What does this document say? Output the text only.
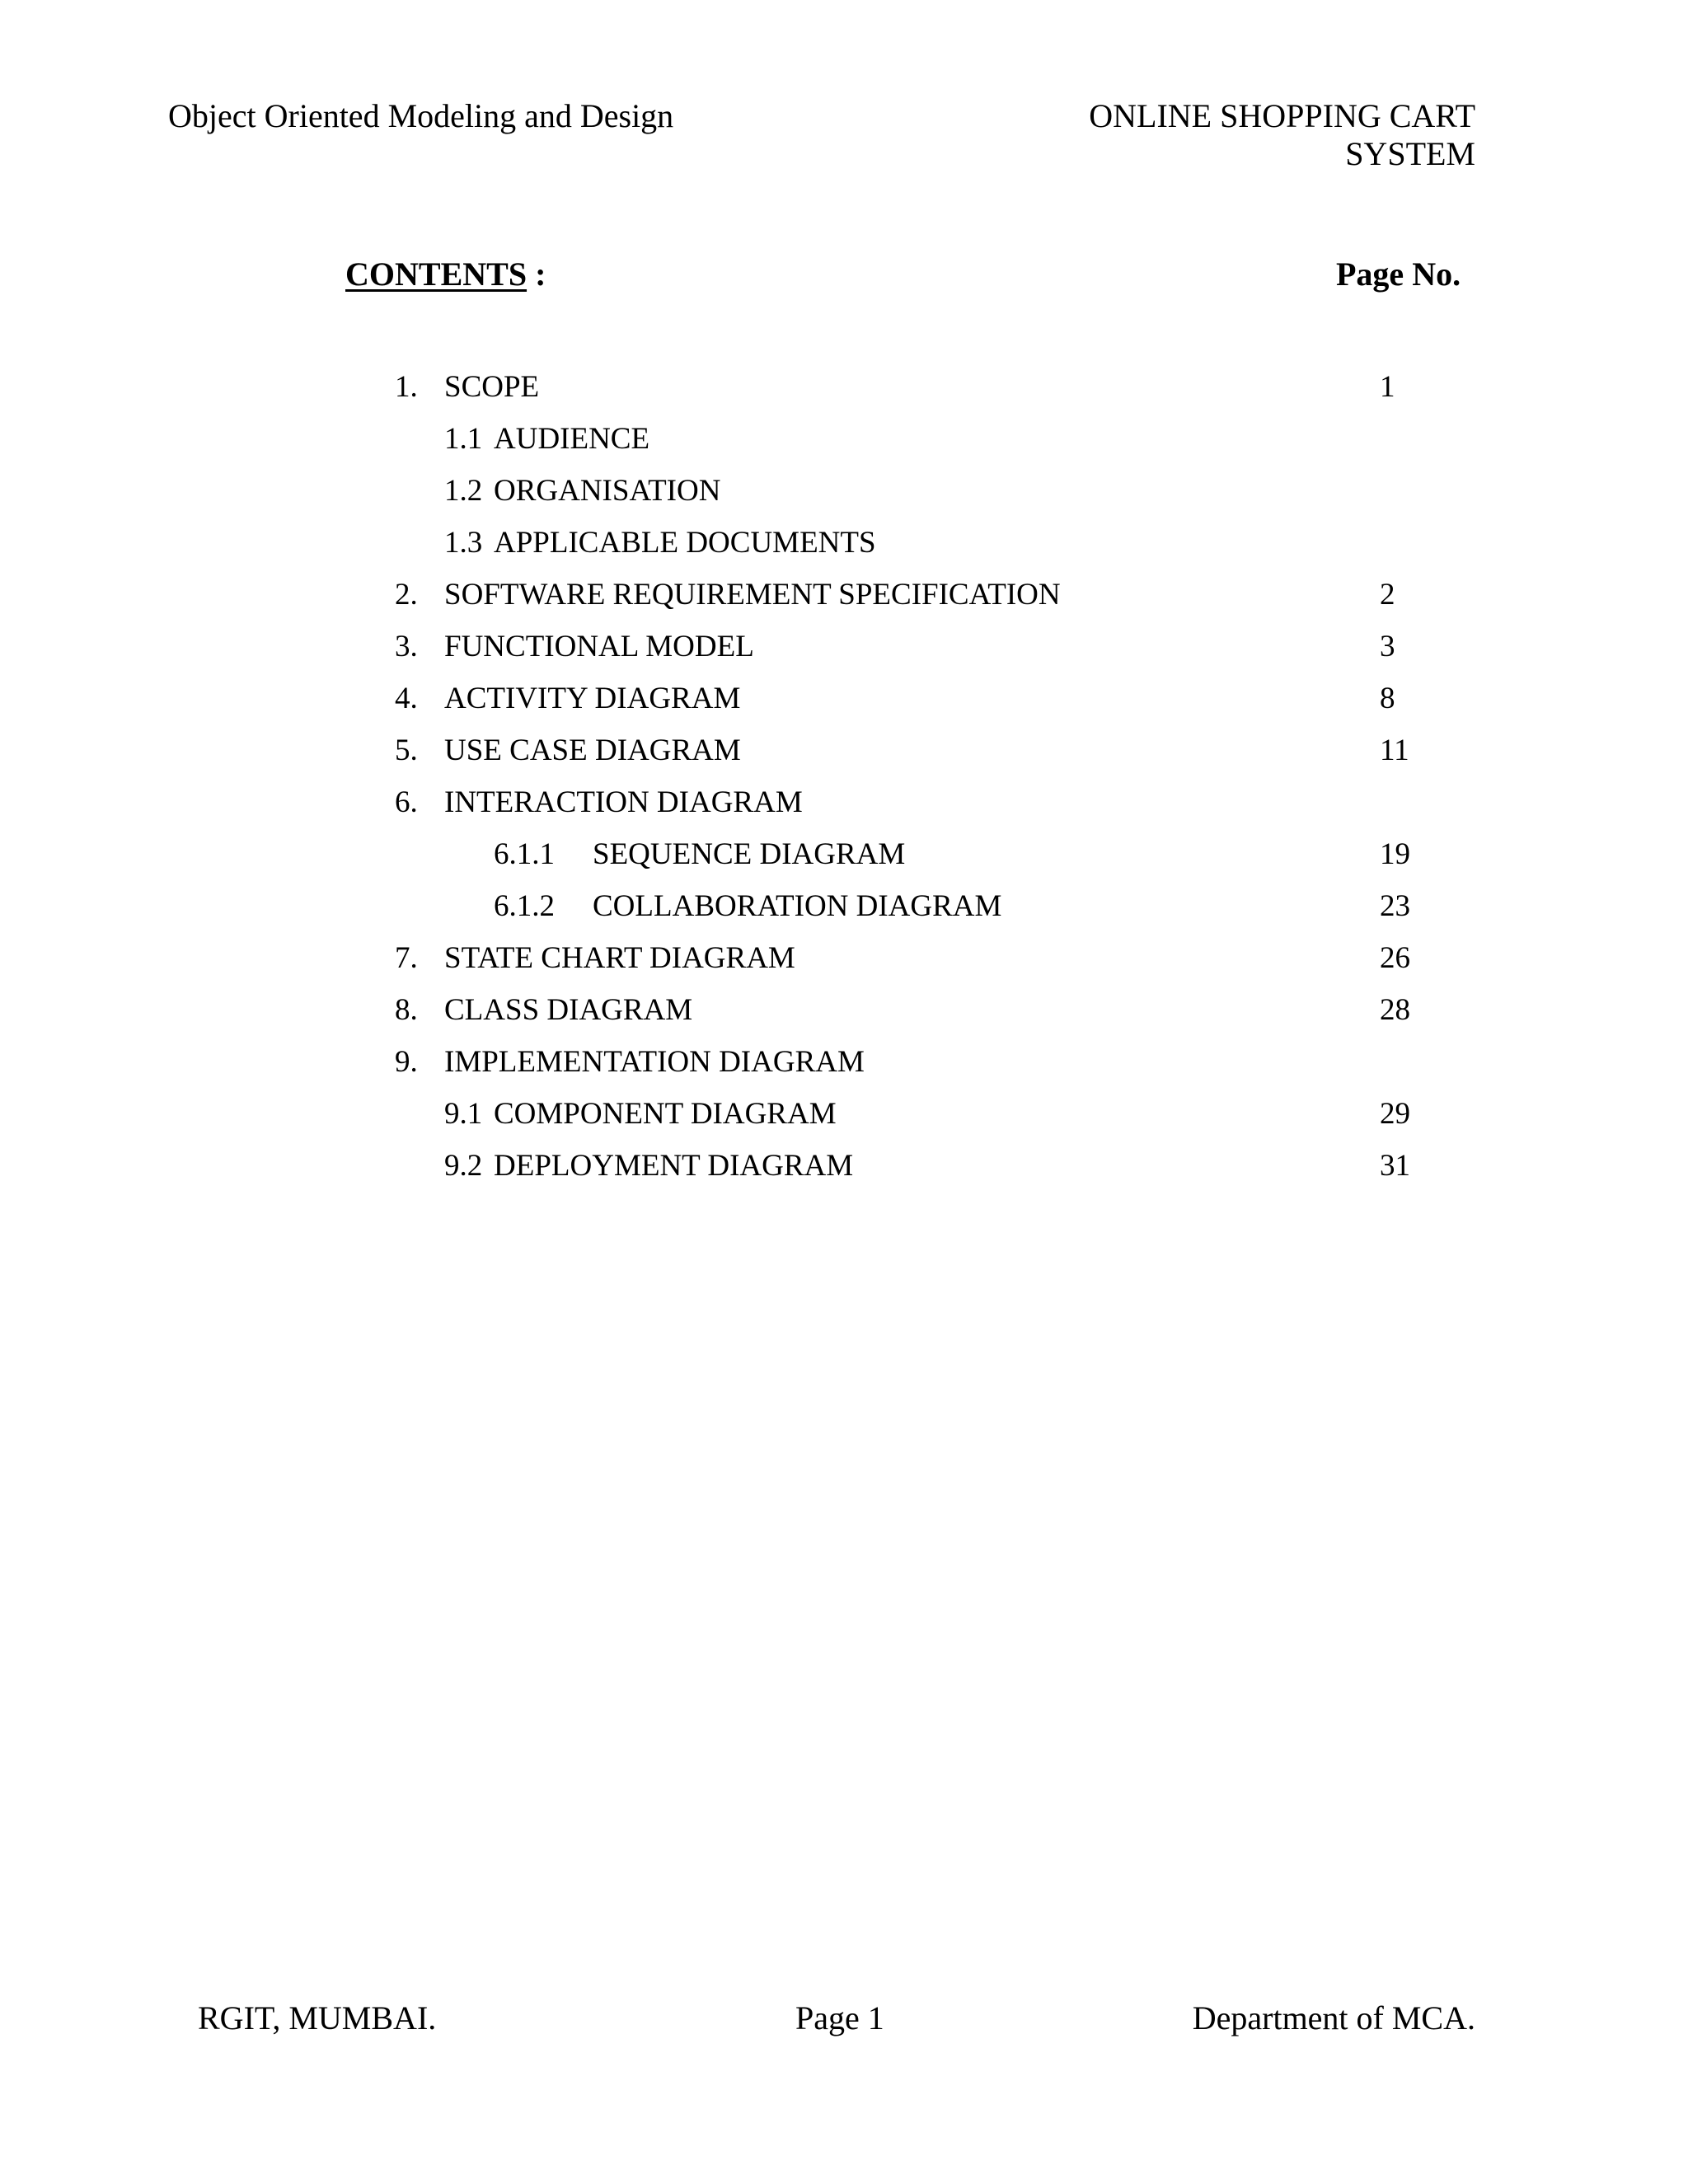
Object Oriented Modeling and Design	ONLINE SHOPPING CART
SYSTEM
CONTENTS :	Page No.
1. SCOPE	1
1.1 AUDIENCE
1.2 ORGANISATION
1.3 APPLICABLE DOCUMENTS
2. SOFTWARE REQUIREMENT SPECIFICATION	2
3. FUNCTIONAL MODEL	3
4. ACTIVITY DIAGRAM	8
5. USE CASE DIAGRAM	11
6. INTERACTION DIAGRAM
6.1.1 SEQUENCE DIAGRAM	19
6.1.2 COLLABORATION DIAGRAM	23
7. STATE CHART DIAGRAM	26
8. CLASS DIAGRAM	28
9. IMPLEMENTATION DIAGRAM
9.1 COMPONENT DIAGRAM	29
9.2 DEPLOYMENT DIAGRAM	31
RGIT, MUMBAI.	Page 1	Department of MCA.
